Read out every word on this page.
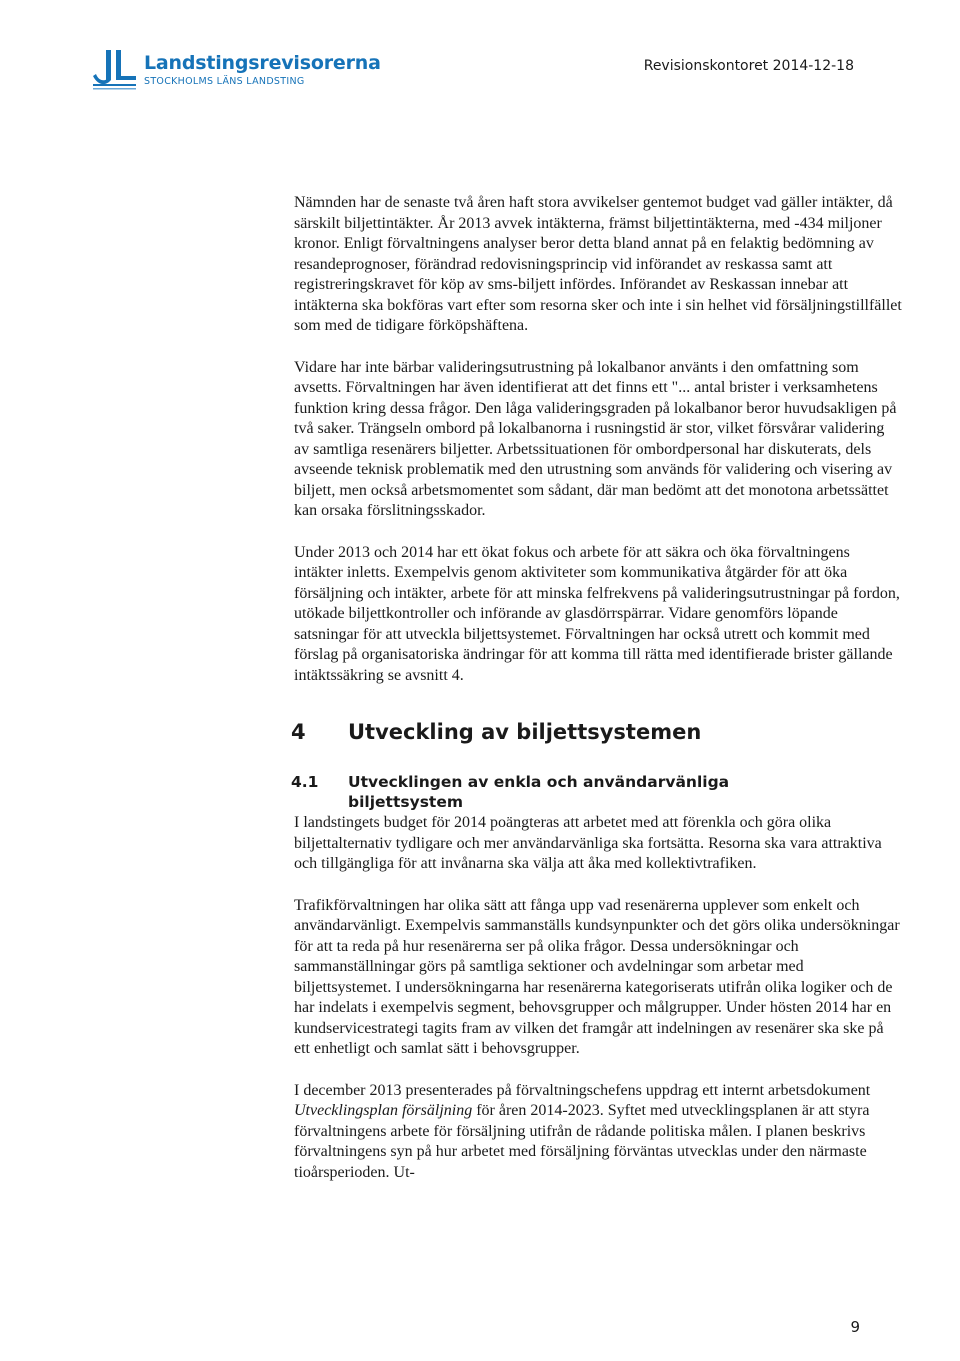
Landstingsrevisorerna
STOCKHOLMS LÄNS LANDSTING
Revisionskontoret 2014-12-18

Nämnden har de senaste två åren haft stora avvikelser gentemot budget vad gäller intäkter, då särskilt biljettintäkter. År 2013 avvek intäkterna, främst biljettintäkterna, med -434 miljoner kronor. Enligt förvaltningens analyser beror detta bland annat på en felaktig bedömning av resandeprognoser, förändrad redovisningsprincip vid införandet av reskassa samt att registreringskravet för köp av sms-biljett infördes. Införandet av Reskassan innebar att intäkterna ska bokföras vart efter som resorna sker och inte i sin helhet vid försäljningstillfället som med de tidigare förköpshäftena.

Vidare har inte bärbar valideringsutrustning på lokalbanor använts i den omfattning som avsetts. Förvaltningen har även identifierat att det finns ett "... antal brister i verksamhetens funktion kring dessa frågor. Den låga valideringsgraden på lokalbanor beror huvudsakligen på två saker. Trängseln ombord på lokalbanorna i rusningstid är stor, vilket försvårar validering av samtliga resenärers biljetter. Arbetssituationen för ombordpersonal har diskuterats, dels avseende teknisk problematik med den utrustning som används för validering och visering av biljett, men också arbetsmomentet som sådant, där man bedömt att det monotona arbetssättet kan orsaka förslitningsskador.

Under 2013 och 2014 har ett ökat fokus och arbete för att säkra och öka förvaltningens intäkter inletts. Exempelvis genom aktiviteter som kommunikativa åtgärder för att öka försäljning och intäkter, arbete för att minska felfrekvens på valideringsutrustningar på fordon, utökade biljettkontroller och införande av glasdörrspärrar. Vidare genomförs löpande satsningar för att utveckla biljettsystemet. Förvaltningen har också utrett och kommit med förslag på organisatoriska ändringar för att komma till rätta med identifierade brister gällande intäktssäkring se avsnitt 4.

4	Utveckling av biljettsystemen
4.1	Utvecklingen av enkla och användarvänliga biljettsystem

I landstingets budget för 2014 poängteras att arbetet med att förenkla och göra olika biljettalternativ tydligare och mer användarvänliga ska fortsätta. Resorna ska vara attraktiva och tillgängliga för att invånarna ska välja att åka med kollektivtrafiken.

Trafikförvaltningen har olika sätt att fånga upp vad resenärerna upplever som enkelt och användarvänligt. Exempelvis sammanställs kundsynpunkter och det görs olika undersökningar för att ta reda på hur resenärerna ser på olika frågor. Dessa undersökningar och sammanställningar görs på samtliga sektioner och avdelningar som arbetar med biljettsystemet. I undersökningarna har resenärerna kategoriserats utifrån olika logiker och de har indelats i exempelvis segment, behovsgrupper och målgrupper. Under hösten 2014 har en kundservicestrategi tagits fram av vilken det framgår att indelningen av resenärer ska ske på ett enhetligt och samlat sätt i behovsgrupper.

I december 2013 presenterades på förvaltningschefens uppdrag ett internt arbetsdokument Utvecklingsplan försäljning för åren 2014-2023. Syftet med utvecklingsplanen är att styra förvaltningens arbete för försäljning utifrån de rådande politiska målen. I planen beskrivs förvaltningens syn på hur arbetet med försäljning förväntas utvecklas under den närmaste tioårsperioden. Ut-

9
